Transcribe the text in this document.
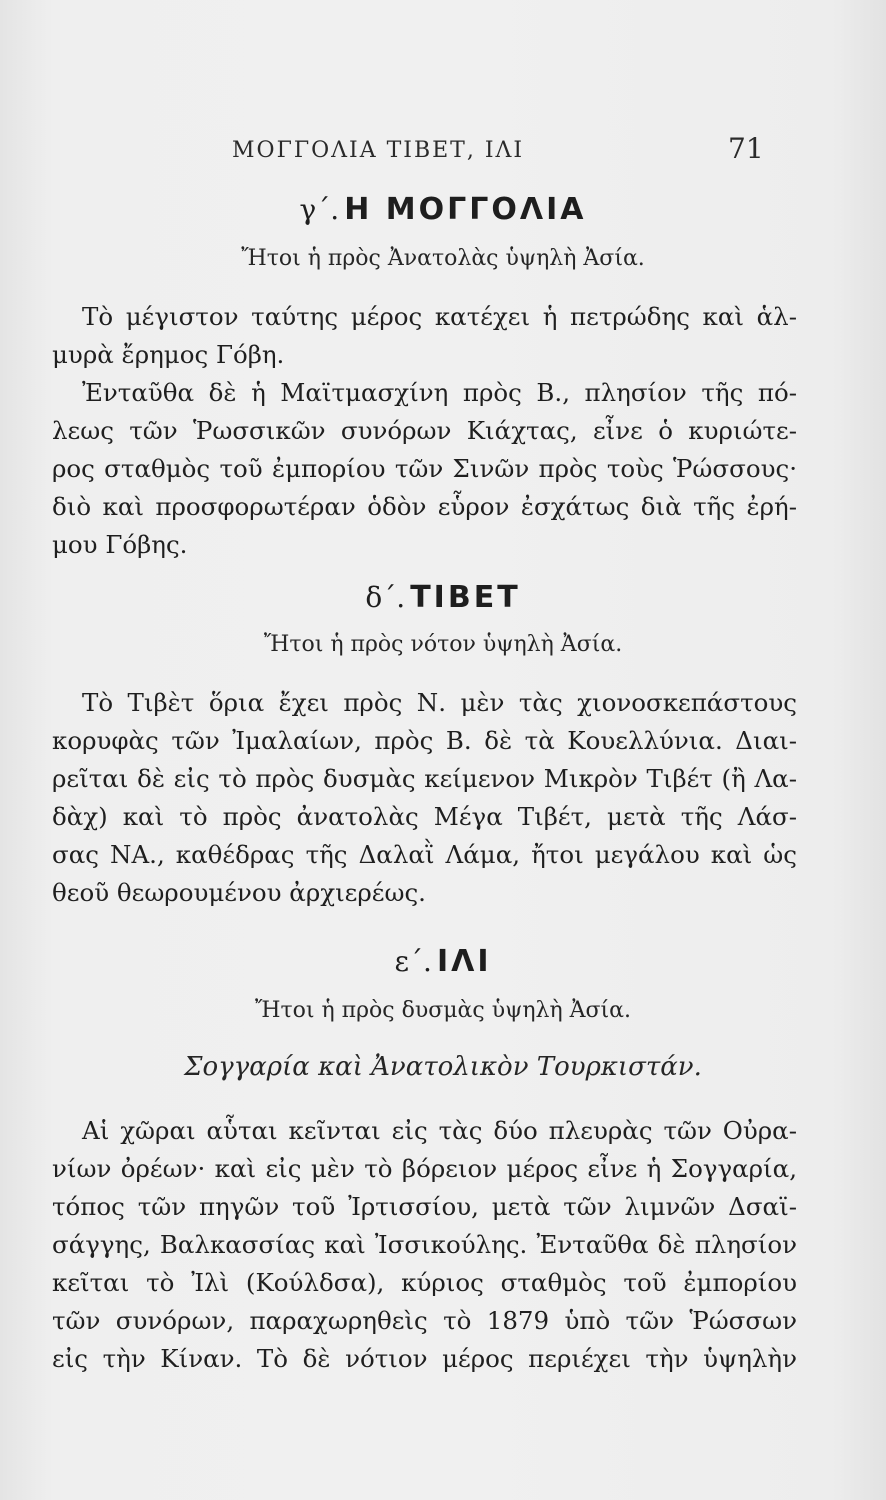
ΜΟΓΓΟΛΙΑ ΤΙΒΕΤ, ΙΛΙ	71
γ΄. Η ΜΟΓΓΟΛΙΑ
Ἤτοι ἡ πρὸς Ἀνατολὰς ὑψηλὴ Ἀσία.
Τὸ μέγιστον ταύτης μέρος κατέχει ἡ πετρώδης καὶ ἁλ-
μυρὰ ἔρημος Γόβη.
Ἐνταῦθα δὲ ἡ Μαϊτμασχίνη πρὸς Β., πλησίον τῆς πό-
λεως τῶν Ῥωσσικῶν συνόρων Κιάχτας, εἶνε ὁ κυριώτε-
ρος σταθμὸς τοῦ ἐμπορίου τῶν Σινῶν πρὸς τοὺς Ῥώσσους·
διὸ καὶ προσφορωτέραν ὁδὸν εὗρον ἐσχάτως διὰ τῆς ἐρή-
μου Γόβης.
δ΄. ΤΙΒΕΤ
Ἤτοι ἡ πρὸς νότον ὑψηλὴ Ἀσία.
Τὸ Τιβὲτ ὅρια ἔχει πρὸς Ν. μὲν τὰς χιονοσκεπάστους
κορυφὰς τῶν Ἰμαλαίων, πρὸς Β. δὲ τὰ Κουελλύνια. Διαι-
ρεῖται δὲ εἰς τὸ πρὸς δυσμὰς κείμενον Μικρὸν Τιβέτ (ἢ Λα-
δὰχ) καὶ τὸ πρὸς ἀνατολὰς Μέγα Τιβέτ, μετὰ τῆς Λάσ-
σας ΝΑ., καθέδρας τῆς Δαλαῒ Λάμα, ἤτοι μεγάλου καὶ ὡς
θεοῦ θεωρουμένου ἀρχιερέως.
ε΄. ΙΛΙ
Ἤτοι ἡ πρὸς δυσμὰς ὑψηλὴ Ἀσία.
Σογγαρία καὶ Ἀνατολικὸν Τουρκιστάν.
Αἱ χῶραι αὗται κεῖνται εἰς τὰς δύο πλευρὰς τῶν Οὐρα-
νίων ὀρέων· καὶ εἰς μὲν τὸ βόρειον μέρος εἶνε ἡ Σογγαρία,
τόπος τῶν πηγῶν τοῦ Ἰρτισσίου, μετὰ τῶν λιμνῶν Δσαϊ-
σάγγης, Βαλκασσίας καὶ Ἰσσικούλης. Ἐνταῦθα δὲ πλησίον
κεῖται τὸ Ἰλὶ (Κούλδσα), κύριος σταθμὸς τοῦ ἐμπορίου
τῶν συνόρων, παραχωρηθεὶς τὸ 1879 ὑπὸ τῶν Ῥώσσων
εἰς τὴν Κίναν. Τὸ δὲ νότιον μέρος περιέχει τὴν ὑψηλὴν
